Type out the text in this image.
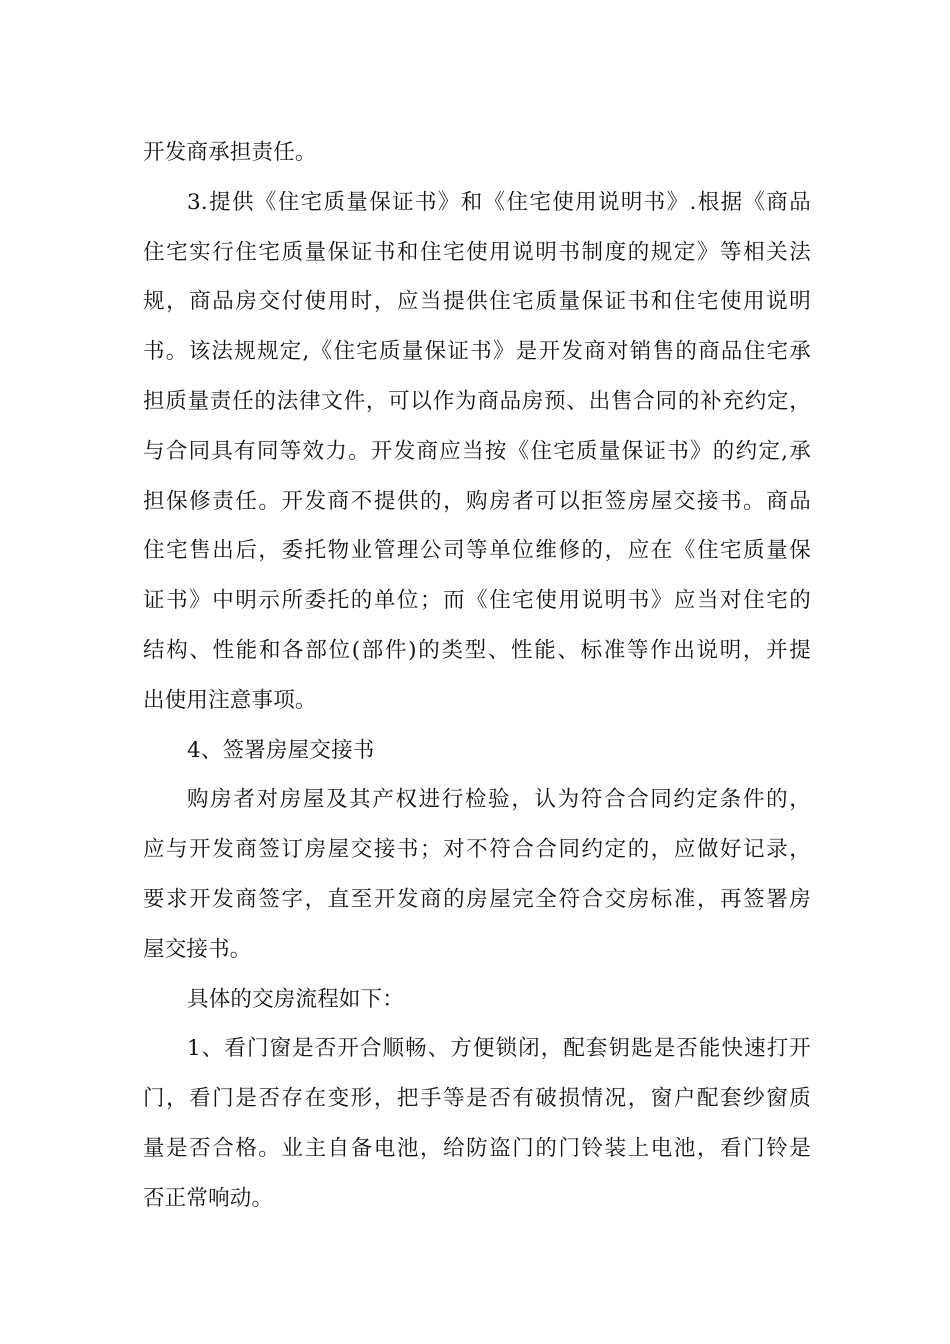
开发商承担责任。
3.提供《住宅质量保证书》和《住宅使用说明书》.根据《商品
住宅实行住宅质量保证书和住宅使用说明书制度的规定》等相关法
规，商品房交付使用时，应当提供住宅质量保证书和住宅使用说明
书。该法规规定,《住宅质量保证书》是开发商对销售的商品住宅承
担质量责任的法律文件，可以作为商品房预、出售合同的补充约定，
与合同具有同等效力。开发商应当按《住宅质量保证书》的约定,承
担保修责任。开发商不提供的，购房者可以拒签房屋交接书。商品
住宅售出后，委托物业管理公司等单位维修的，应在《住宅质量保
证书》中明示所委托的单位；而《住宅使用说明书》应当对住宅的
结构、性能和各部位(部件)的类型、性能、标准等作出说明，并提
出使用注意事项。
4、签署房屋交接书
购房者对房屋及其产权进行检验，认为符合合同约定条件的，
应与开发商签订房屋交接书；对不符合合同约定的，应做好记录，
要求开发商签字，直至开发商的房屋完全符合交房标准，再签署房
屋交接书。
具体的交房流程如下：
1、看门窗是否开合顺畅、方便锁闭，配套钥匙是否能快速打开
门，看门是否存在变形，把手等是否有破损情况，窗户配套纱窗质
量是否合格。业主自备电池，给防盗门的门铃装上电池，看门铃是
否正常响动。
